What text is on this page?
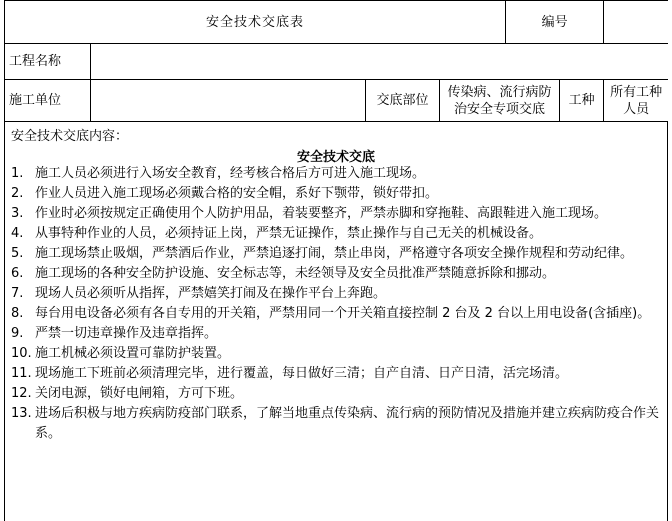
安全技术交底表				编号		
工程名称						
施工单位		交底部位	传染病、流行病防治安全专项交底		工种	所有工种人员
安全技术交底内容：
安全技术交底
1. 施工人员必须进行入场安全教育，经考核合格后方可进入施工现场。
2. 作业人员进入施工现场必须戴合格的安全帽，系好下颚带，锁好带扣。
3. 作业时必须按规定正确使用个人防护用品，着装要整齐，严禁赤脚和穿拖鞋、高跟鞋进入施工现场。
4. 从事特种作业的人员，必须持证上岗，严禁无证操作，禁止操作与自己无关的机械设备。
5. 施工现场禁止吸烟，严禁酒后作业，严禁追逐打闹，禁止串岗，严格遵守各项安全操作规程和劳动纪律。
6. 施工现场的各种安全防护设施、安全标志等，未经领导及安全员批准严禁随意拆除和挪动。
7. 现场人员必须听从指挥，严禁嬉笑打闹及在操作平台上奔跑。
8. 每台用电设备必须有各自专用的开关箱，严禁用同一个开关箱直接控制 2 台及 2 台以上用电设备(含插座)。
9. 严禁一切违章操作及违章指挥。
10. 施工机械必须设置可靠防护装置。
11. 现场施工下班前必须清理完毕，进行覆盖，每日做好三清；自产自清、日产日清，活完场清。
12. 关闭电源，锁好电闸箱，方可下班。
13. 进场后积极与地方疾病防疫部门联系，了解当地重点传染病、流行病的预防情况及措施并建立疾病防疫合作关系。
